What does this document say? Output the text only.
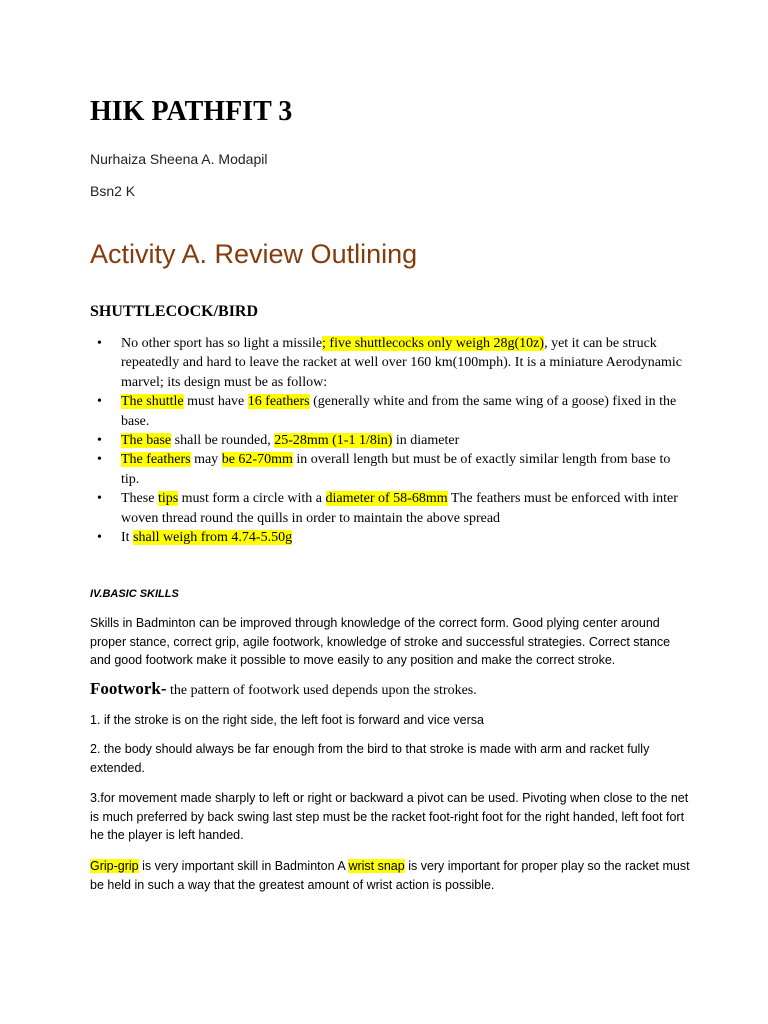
HIK PATHFIT 3
Nurhaiza Sheena A. Modapil
Bsn2 K
Activity A. Review Outlining
SHUTTLECOCK/BIRD
• No other sport has so light a missile; five shuttlecocks only weigh 28g(10z), yet it can be struck repeatedly and hard to leave the racket at well over 160 km(100mph). It is a miniature Aerodynamic marvel; its design must be as follow:
• The shuttle must have 16 feathers (generally white and from the same wing of a goose) fixed in the base.
• The base shall be rounded, 25-28mm (1-1 1/8in) in diameter
• The feathers may be 62-70mm in overall length but must be of exactly similar length from base to tip.
• These tips must form a circle with a diameter of 58-68mm The feathers must be enforced with inter woven thread round the quills in order to maintain the above spread
• It shall weigh from 4.74-5.50g
IV.BASIC SKILLS

Skills in Badminton can be improved through knowledge of the correct form. Good plying center around proper stance, correct grip, agile footwork, knowledge of stroke and successful strategies. Correct stance and good footwork make it possible to move easily to any position and make the correct stroke.

Footwork- the pattern of footwork used depends upon the strokes.

1. if the stroke is on the right side, the left foot is forward and vice versa

2. the body should always be far enough from the bird to that stroke is made with arm and racket fully extended.

3.for movement made sharply to left or right or backward a pivot can be used. Pivoting when close to the net is much preferred by back swing last step must be the racket foot-right foot for the right handed, left foot fort he the player is left handed.

Grip-grip is very important skill in Badminton A wrist snap is very important for proper play so the racket must be held in such a way that the greatest amount of wrist action is possible.
